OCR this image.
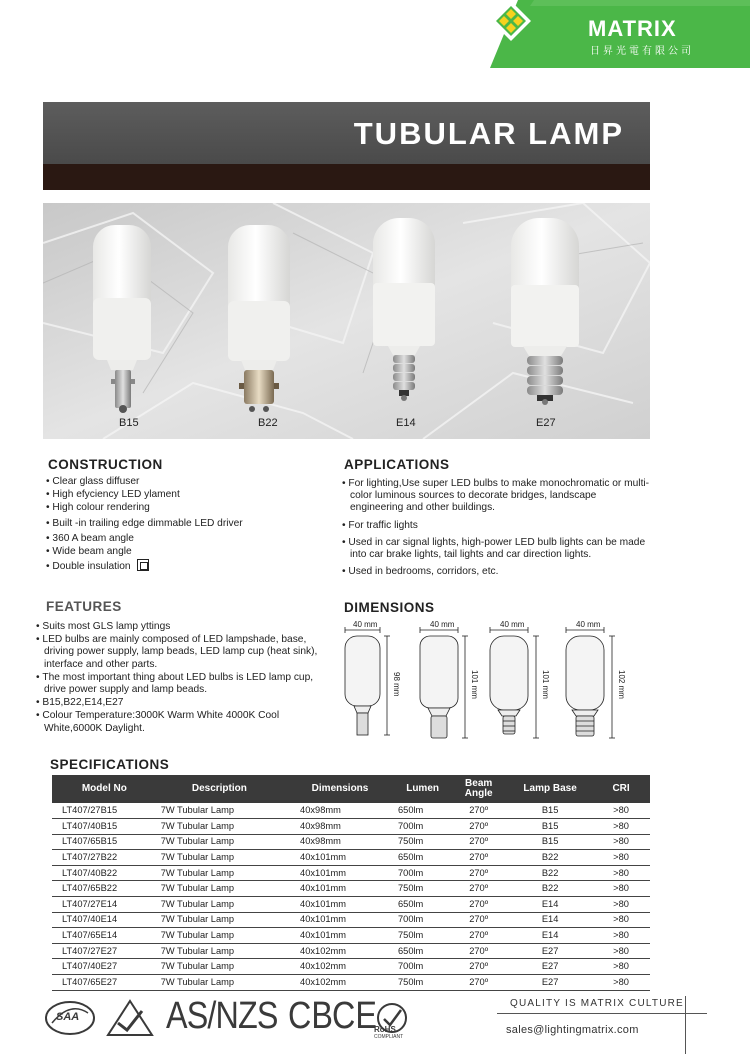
MATRIX
日昇光電有限公司
TUBULAR LAMP
B15	B22	E14	E27
CONSTRUCTION
• Clear glass diffuser
• High efyciency LED ylament
• High colour rendering
• Built -in trailing edge dimmable LED driver
• 360 A beam angle
• Wide beam angle
• Double insulation
APPLICATIONS
• For lighting,Use super LED bulbs to make monochromatic or multi-color luminous sources to decorate bridges, landscape engineering and other buildings.
• For traffic lights
• Used in car signal lights, high-power LED bulb lights can be made into car brake lights, tail lights and car direction lights.
• Used in bedrooms, corridors, etc.
FEATURES
• Suits most GLS lamp yttings
• LED bulbs are mainly composed of LED lampshade, base, driving power supply, lamp beads, LED lamp cup (heat sink), interface and other parts.
• The most important thing about LED bulbs is LED lamp cup, drive power supply and lamp beads.
• B15,B22,E14,E27
• Colour Temperature:3000K Warm White 4000K Cool White,6000K Daylight.
DIMENSIONS
40 mm	40 mm	40 mm	40 mm
98 mm	101 mm	101 mm	102 mm
SPECIFICATIONS
Model No	Description	Dimensions	Lumen	Beam Angle	Lamp Base	CRI
LT407/27B15	7W Tubular Lamp	40x98mm	650lm	270º	B15	>80
LT407/40B15	7W Tubular Lamp	40x98mm	700lm	270º	B15	>80
LT407/65B15	7W Tubular Lamp	40x98mm	750lm	270º	B15	>80
LT407/27B22	7W Tubular Lamp	40x101mm	650lm	270º	B22	>80
LT407/40B22	7W Tubular Lamp	40x101mm	700lm	270º	B22	>80
LT407/65B22	7W Tubular Lamp	40x101mm	750lm	270º	B22	>80
LT407/27E14	7W Tubular Lamp	40x101mm	650lm	270º	E14	>80
LT407/40E14	7W Tubular Lamp	40x101mm	700lm	270º	E14	>80
LT407/65E14	7W Tubular Lamp	40x101mm	750lm	270º	E14	>80
LT407/27E27	7W Tubular Lamp	40x102mm	650lm	270º	E27	>80
LT407/40E27	7W Tubular Lamp	40x102mm	700lm	270º	E27	>80
LT407/65E27	7W Tubular Lamp	40x102mm	750lm	270º	E27	>80
SAA AS/NZS CB CE
RoHS
COMPLIANT
QUALITY IS MATRIX CULTURE
sales@lightingmatrix.com
